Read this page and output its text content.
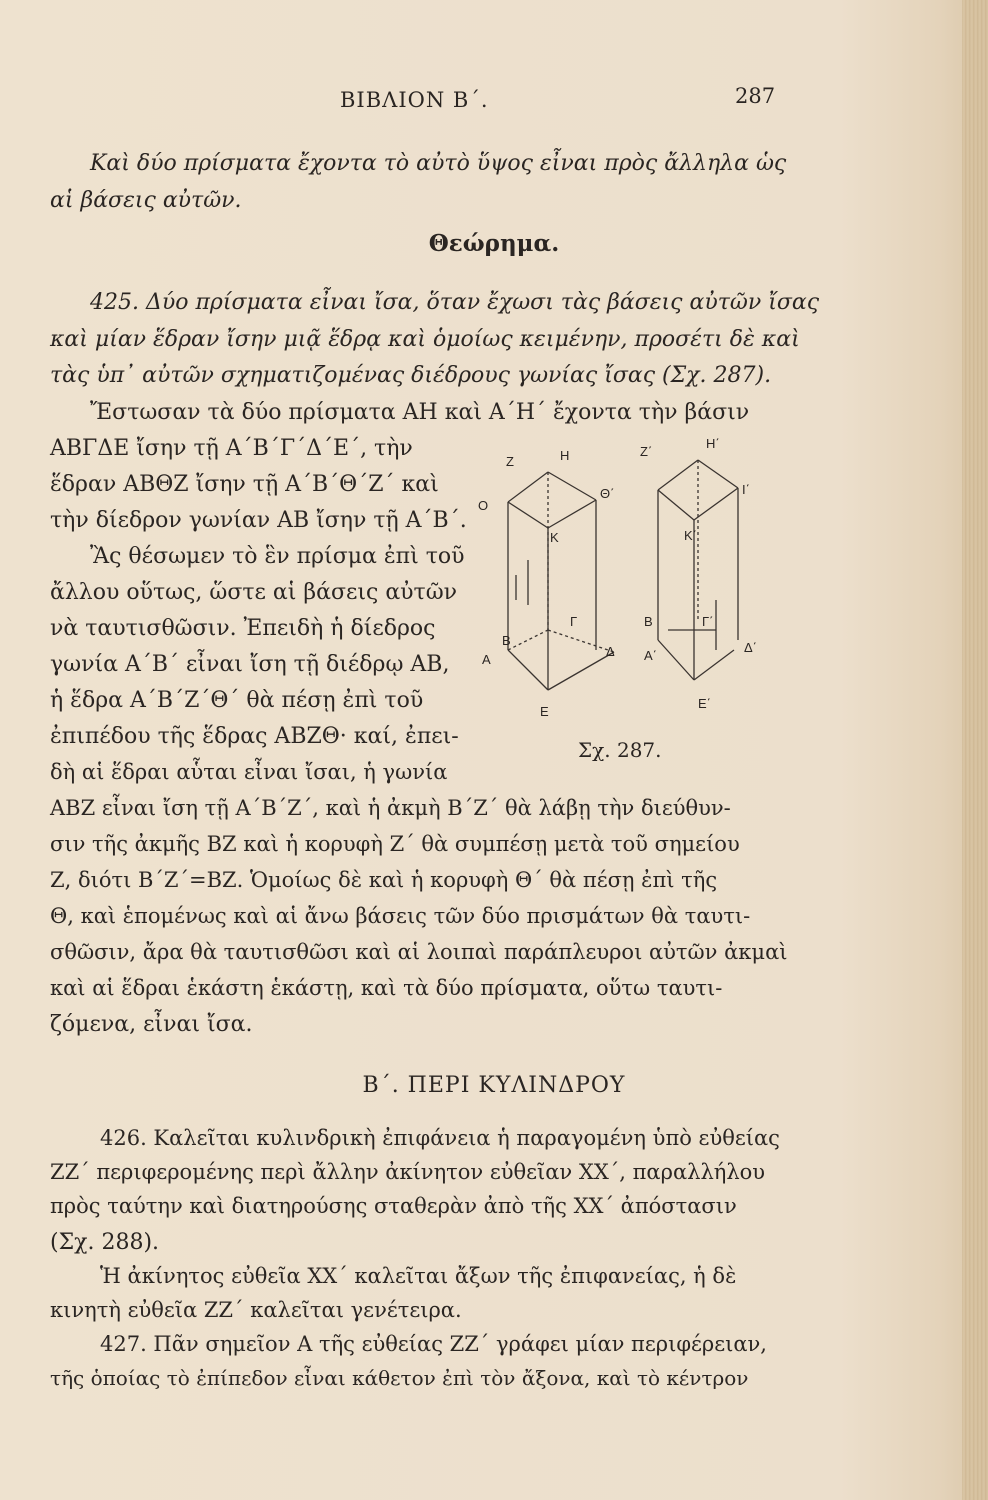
ΒΙΒΛΙΟΝ Β΄.	287
Καὶ δύο πρίσματα ἔχοντα τὸ αὐτὸ ὕψος εἶναι πρὸς ἄλληλα ὡς
αἱ βάσεις αὐτῶν.
Θεώρημα.
425. Δύο πρίσματα εἶναι ἴσα, ὅταν ἔχωσι τὰς βάσεις αὐτῶν ἴσας
καὶ μίαν ἕδραν ἴσην μιᾷ ἕδρᾳ καὶ ὁμοίως κειμένην, προσέτι δὲ καὶ
τὰς ὑπ᾽ αὐτῶν σχηματιζομένας διέδρους γωνίας ἴσας (Σχ. 287).
Ἔστωσαν τὰ δύο πρίσματα ΑΗ καὶ Α΄Η΄ ἔχοντα τὴν βάσιν
ΑΒΓΔΕ ἴσην τῇ Α΄Β΄Γ΄Δ΄Ε΄, τὴν
ἕδραν ΑΒΘΖ ἴσην τῇ Α΄Β΄Θ΄Ζ΄ καὶ
τὴν δίεδρον γωνίαν ΑΒ ἴσην τῇ Α΄Β΄.
Ἂς θέσωμεν τὸ ἓν πρίσμα ἐπὶ τοῦ
ἄλλου οὕτως, ὥστε αἱ βάσεις αὐτῶν
νὰ ταυτισθῶσιν. Ἐπειδὴ ἡ δίεδρος
γωνία Α΄Β΄ εἶναι ἴση τῇ διέδρῳ ΑΒ,
ἡ ἕδρα Α΄Β΄Ζ΄Θ΄ θὰ πέσῃ ἐπὶ τοῦ
ἐπιπέδου τῆς ἕδρας ΑΒΖΘ· καί, ἐπει-
δὴ αἱ ἕδραι αὗται εἶναι ἴσαι, ἡ γωνία
ΑΒΖ εἶναι ἴση τῇ Α΄Β΄Ζ΄, καὶ ἡ ἀκμὴ Β΄Ζ΄ θὰ λάβῃ τὴν διεύθυν-
σιν τῆς ἀκμῆς ΒΖ καὶ ἡ κορυφὴ Ζ΄ θὰ συμπέσῃ μετὰ τοῦ σημείου
Ζ, διότι Β΄Ζ΄=ΒΖ. Ὁμοίως δὲ καὶ ἡ κορυφὴ Θ΄ θὰ πέσῃ ἐπὶ τῆς
Θ, καὶ ἑπομένως καὶ αἱ ἄνω βάσεις τῶν δύο πρισμάτων θὰ ταυτι-
σθῶσιν, ἄρα θὰ ταυτισθῶσι καὶ αἱ λοιπαὶ παράπλευροι αὐτῶν ἀκμαὶ
καὶ αἱ ἕδραι ἑκάστη ἑκάστῃ, καὶ τὰ δύο πρίσματα, οὕτω ταυτι-
ζόμενα, εἶναι ἴσα.
Η
Z
O
Θ΄
K
B
Γ
A
Δ
E
Η΄
Z΄
I΄
K΄
B	Γ΄
A΄
Δ΄
E΄
Σχ. 287.
Β΄. ΠΕΡΙ ΚΥΛΙΝΔΡΟΥ
426. Καλεῖται κυλινδρικὴ ἐπιφάνεια ἡ παραγομένη ὑπὸ εὐθείας
ΖΖ΄ περιφερομένης περὶ ἄλλην ἀκίνητον εὐθεῖαν ΧΧ΄, παραλλήλου
πρὸς ταύτην καὶ διατηρούσης σταθερὰν ἀπὸ τῆς ΧΧ΄ ἀπόστασιν
(Σχ. 288).
Ἡ ἀκίνητος εὐθεῖα ΧΧ΄ καλεῖται ἄξων τῆς ἐπιφανείας, ἡ δὲ
κινητὴ εὐθεῖα ΖΖ΄ καλεῖται γενέτειρα.
427. Πᾶν σημεῖον Α τῆς εὐθείας ΖΖ΄ γράφει μίαν περιφέρειαν,
τῆς ὁποίας τὸ ἐπίπεδον εἶναι κάθετον ἐπὶ τὸν ἄξονα, καὶ τὸ κέντρον
